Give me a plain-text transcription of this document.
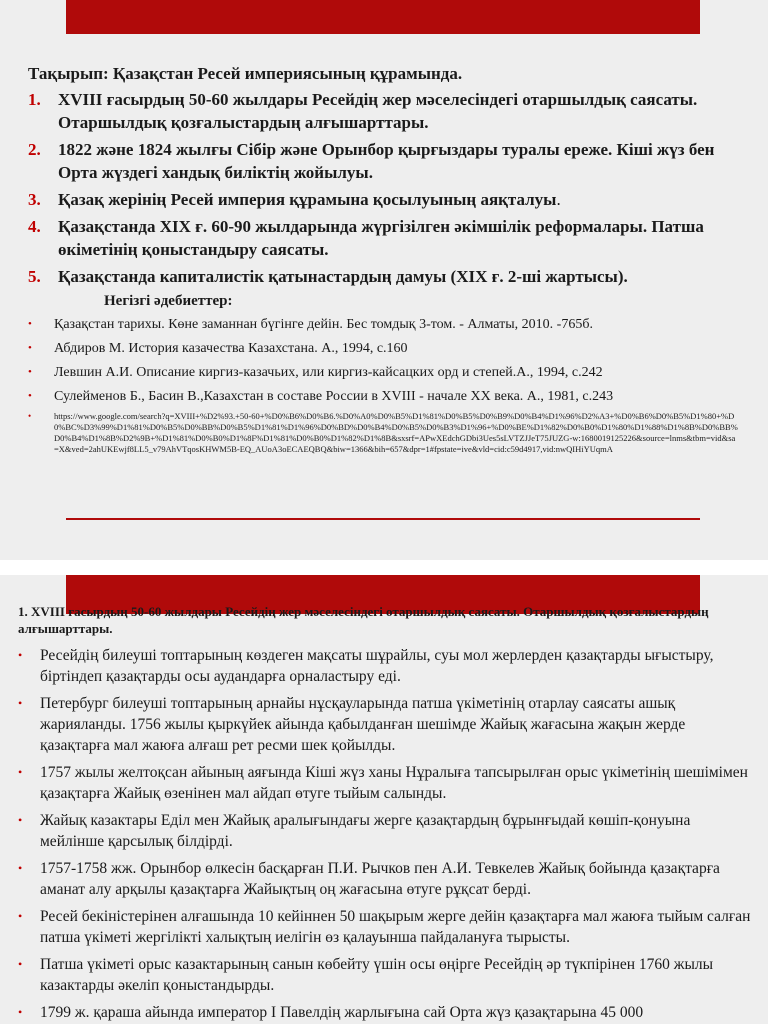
Тақырып: Қазақстан Ресей империясының құрамында.
1.	XVIII ғасырдың 50-60 жылдары Ресейдің жер мәселесіндегі отаршылдық саясаты. Отаршылдық қозғалыстардың алғышарттары.
2.	1822 және 1824 жылғы Сібір және Орынбор қырғыздары туралы ереже. Кіші жүз бен Орта жүздегі хандық биліктің жойылуы.
3.	Қазақ жерінің Ресей империя құрамына қосылуының аяқталуы.
4.	Қазақстанда XIX ғ. 60-90 жылдарында жүргізілген әкімшілік реформалары. Патша өкіметінің қоныстандыру саясаты.
5.	Қазақстанда капиталистік қатынастардың дамуы (XIX ғ. 2-ші жартысы).
Негізгі әдебиеттер:
•	Қазақстан тарихы. Көне заманнан бүгінге дейін. Бес томдық 3-том. - Алматы, 2010. -765б.
•	Абдиров М. История казачества Казахстана. А., 1994, с.160
•	Левшин А.И. Описание киргиз-казачьих, или киргиз-кайсацких орд и степей.А., 1994, с.242
•	Сулейменов Б., Басин В.,Казахстан в составе России в XVIII - начале XX века. А., 1981, с.243
•	https://www.google.com/search?q=XVIII+%D2%93.+50-60+%D0%B6%D0%B6.%D0%A0%D0%B5%D1%81%D0%B5%D0%B9%D0%B4%D1%96%D2%A3+%D0%B6%D0%B5%D1%80+%D0%BC%D3%99%D1%81%D0%B5%D0%BB%D0%B5%D1%81%D1%96%D0%BD%D0%B4%D0%B5%D0%B3%D1%96+%D0%BE%D1%82%D0%B0%D1%80%D1%88%D1%8B%D0%BB%D0%B4%D1%8B%D2%9B+%D1%81%D0%B0%D1%8F%D1%81%D0%B0%D1%82%D1%8B&sxsrf=APwXEdchGDbi3Ues5sLVTZJJeT75JUZG-w:1680019125226&source=lnms&tbm=vid&sa=X&ved=2ahUKEwjf8LL5_v79AhVTqosKHWM5B-EQ_AUoA3oECAEQBQ&biw=1366&bih=657&dpr=1#fpstate=ive&vld=cid:c59d4917,vid:nwQIHiYUqmA
1. XVIII ғасырдың 50-60 жылдары Ресейдің жер мәселесіндегі отаршылдық саясаты. Отаршылдық қозғалыстардың алғышарттары.
•	Ресейдің билеуші топтарының көздеген мақсаты шұрайлы, суы мол жерлерден қазақтарды ығыстыру, біртіндеп қазақтарды осы аудандарға орналастыру еді.
•	Петербург билеуші топтарының арнайы нұсқауларында патша үкіметінің отарлау саясаты ашық жарияланды. 1756 жылы қыркүйек айында қабылданған шешімде Жайық жағасына жақын жерде қазақтарға мал жаюға алғаш рет ресми шек қойылды.
•	1757 жылы желтоқсан айының аяғында Кіші жүз ханы Нұралыға тапсырылған орыс үкіметінің шешімімен қазақтарға Жайық өзенінен мал айдап өтуге тыйым салынды.
•	Жайық казактары Еділ мен Жайық аралығындағы жерге қазақтардың бұрынғыдай көшіп-қонуына мейлінше қарсылық білдірді.
•	1757-1758 жж. Орынбор өлкесін басқарған П.И. Рычков пен А.И. Тевкелев Жайық бойында қазақтарға аманат алу арқылы қазақтарға Жайықтың оң жағасына өтуге рұқсат берді.
•	Ресей бекіністерінен алғашында 10 кейіннен 50 шақырым жерге дейін қазақтарға мал жаюға тыйым салған патша үкіметі жергілікті халықтың иелігін өз қалауынша пайдалануға тырысты.
•	Патша үкіметі орыс казактарының санын көбейту үшін осы өңірге Ресейдің әр түкпірінен 1760 жылы казактарды әкеліп қоныстандырды.
•	1799 ж. қараша айында император І Павелдің жарлығына сай Орта жүз қазақтарына 45 000
